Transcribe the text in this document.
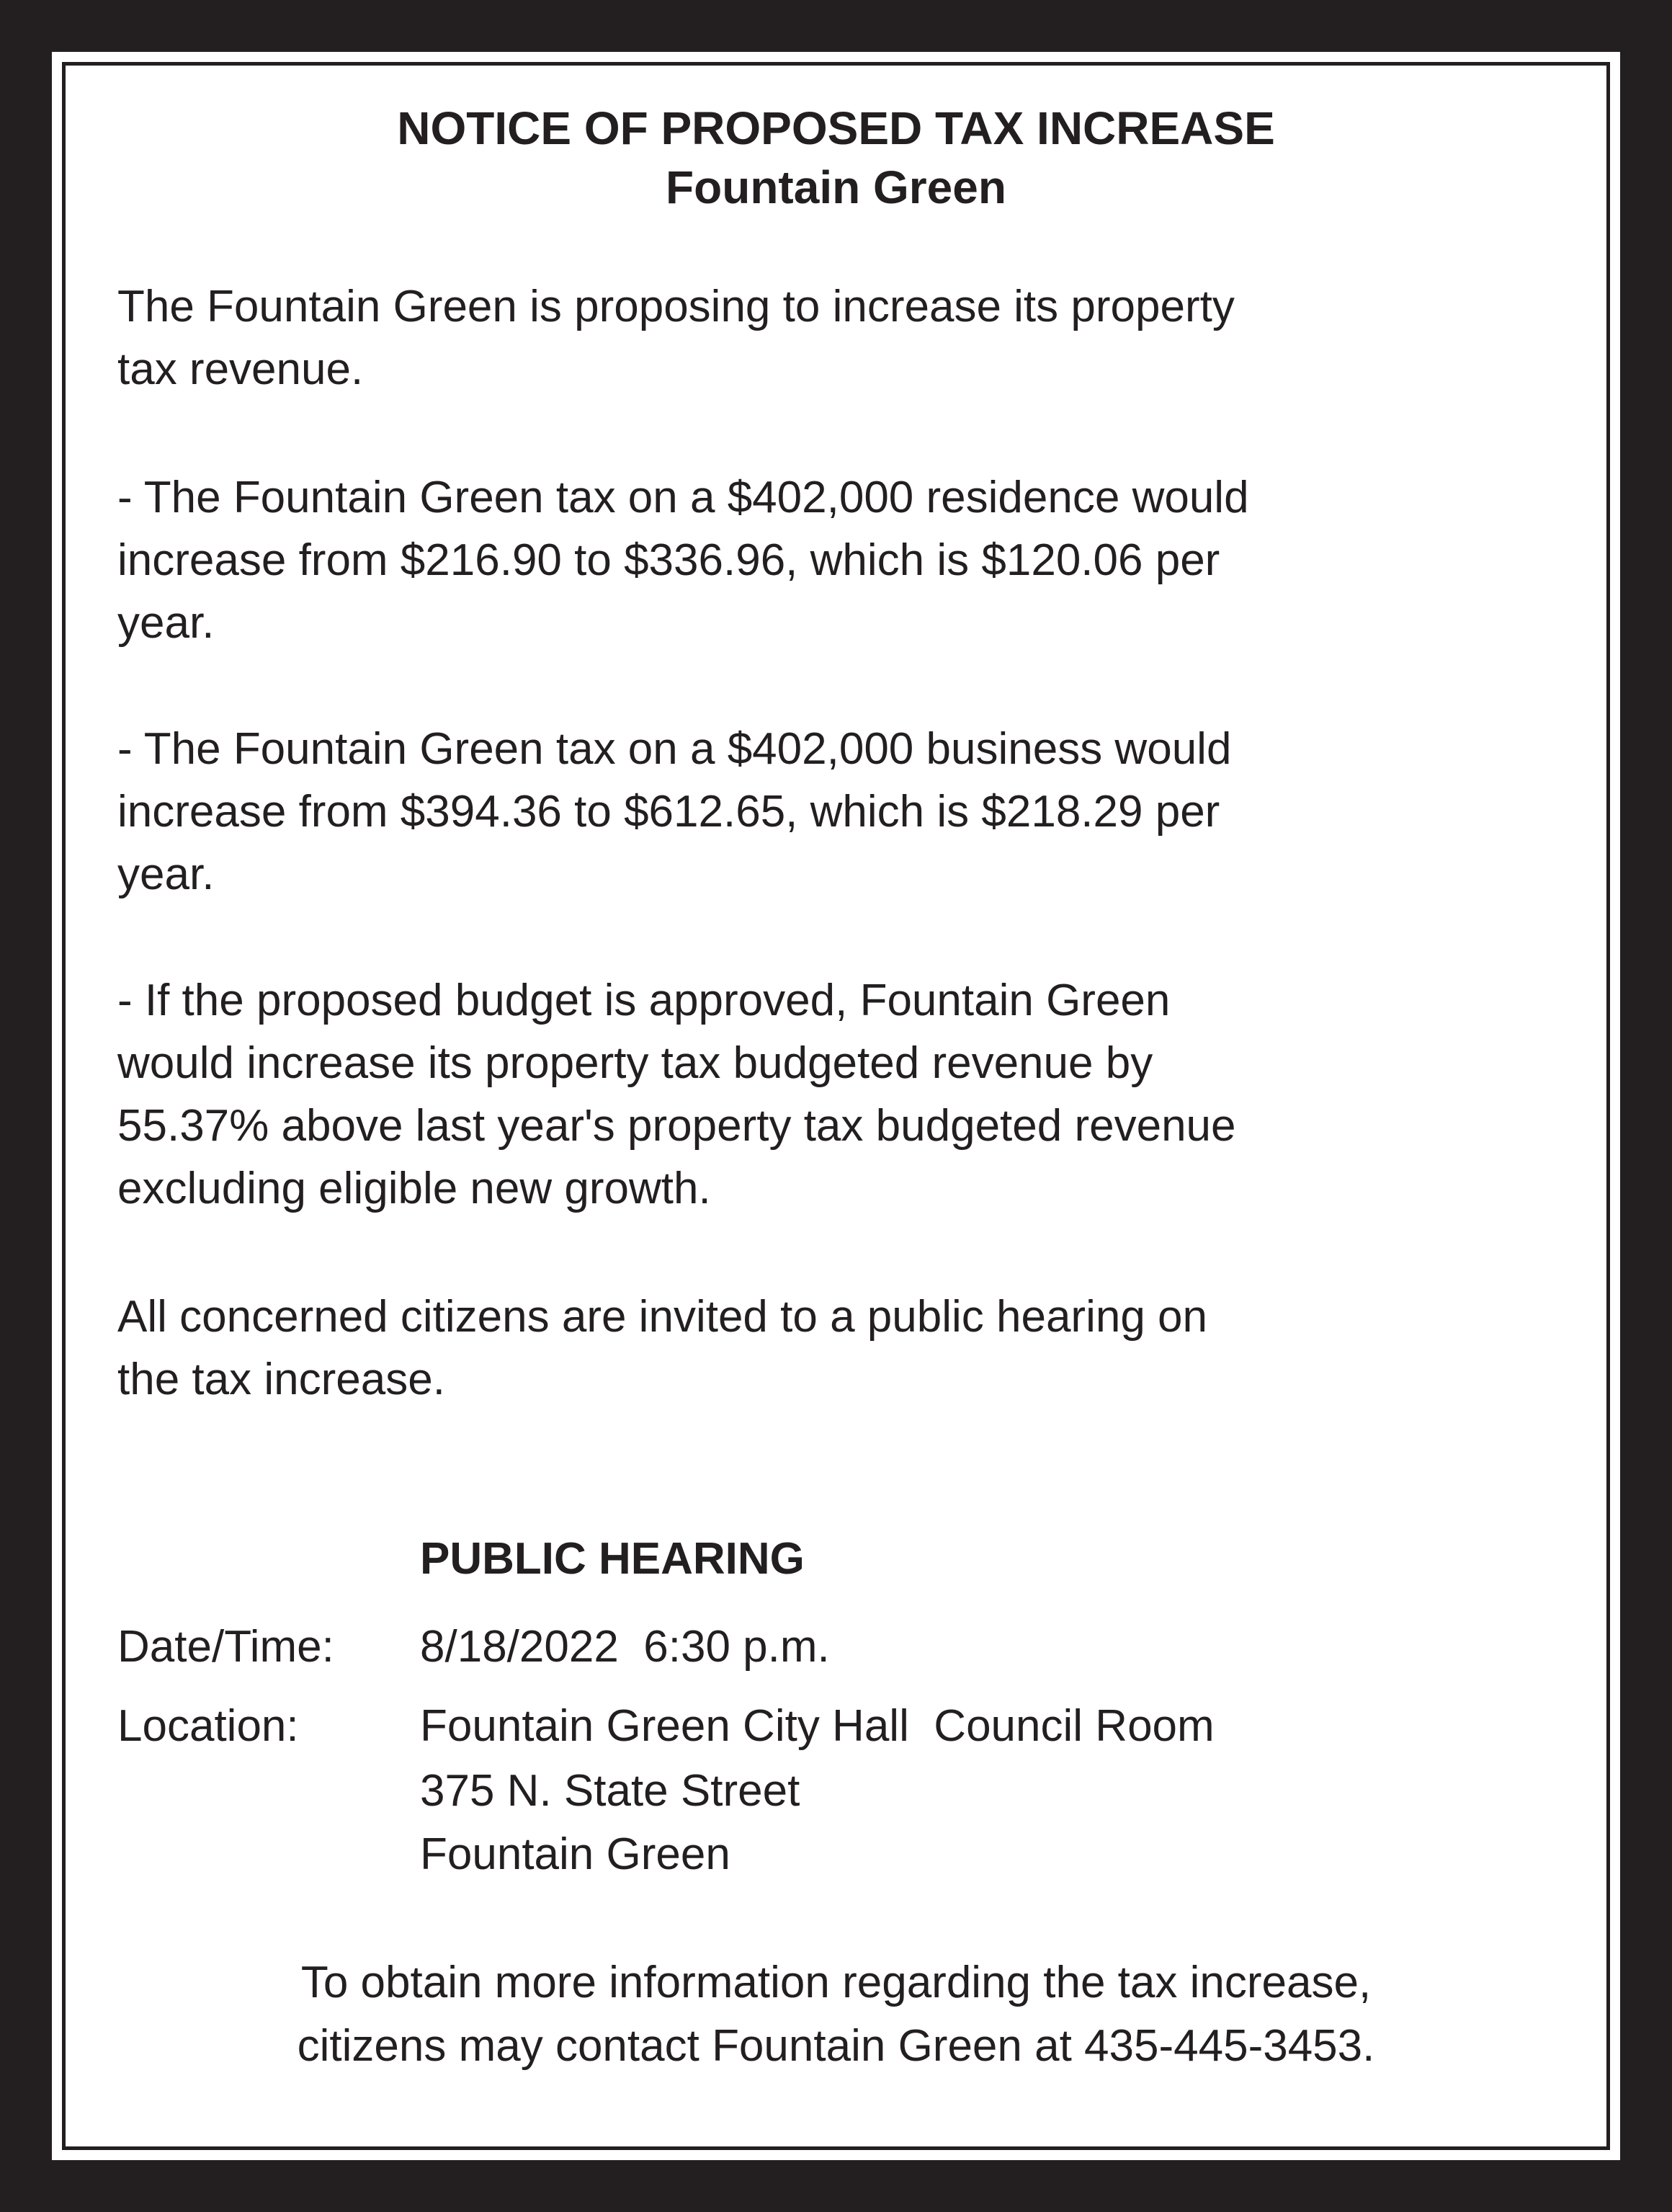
NOTICE OF PROPOSED TAX INCREASE
Fountain Green
The Fountain Green is proposing to increase its property
tax revenue.
- The Fountain Green tax on a $402,000 residence would
increase from $216.90 to $336.96, which is $120.06 per
year.
- The Fountain Green tax on a $402,000 business would
increase from $394.36 to $612.65, which is $218.29 per
year.
- If the proposed budget is approved, Fountain Green
would increase its property tax budgeted revenue by
55.37% above last year's property tax budgeted revenue
excluding eligible new growth.
All concerned citizens are invited to a public hearing on
the tax increase.
PUBLIC HEARING
Date/Time: 8/18/2022  6:30 p.m.
Location:	Fountain Green City Hall  Council Room
375 N. State Street
Fountain Green
To obtain more information regarding the tax increase,
citizens may contact Fountain Green at 435-445-3453.
